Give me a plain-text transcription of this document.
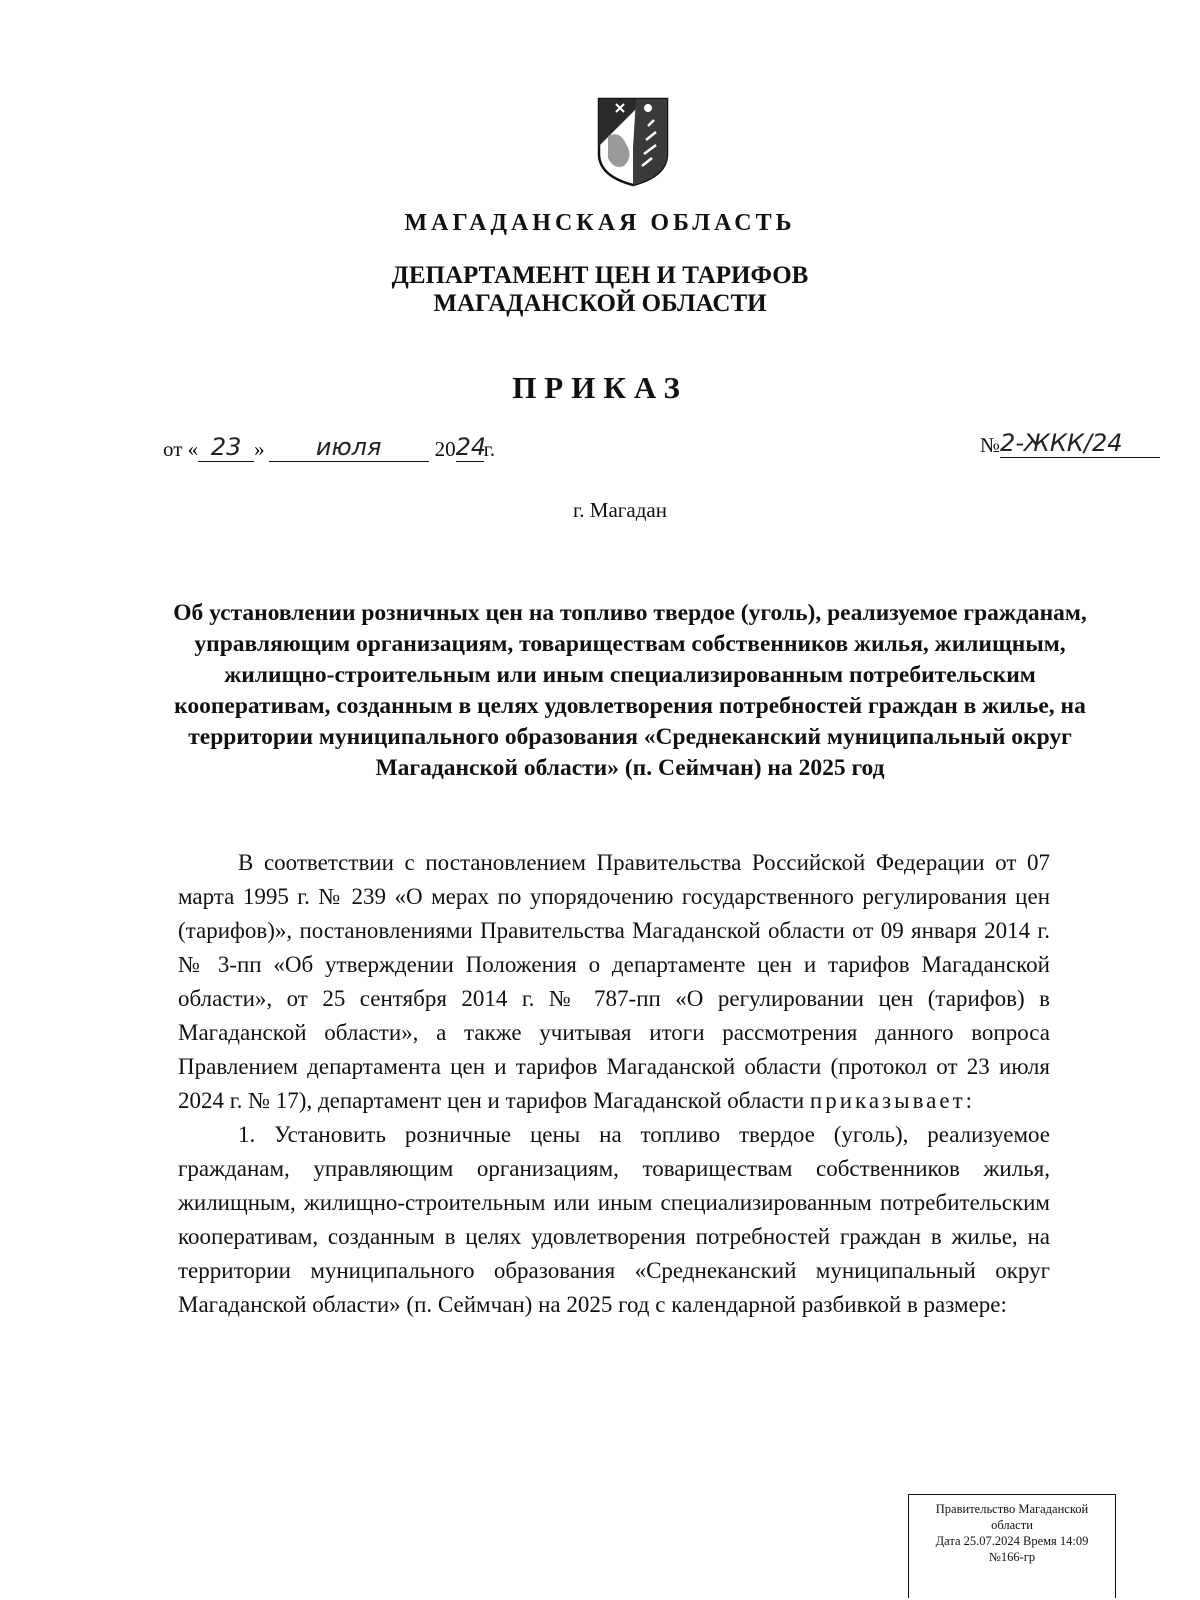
МАГАДАНСКАЯ ОБЛАСТЬ

ДЕПАРТАМЕНТ ЦЕН И ТАРИФОВ

МАГАДАНСКОЙ ОБЛАСТИ

ПРИКАЗ

от « 23 »	июля	20 24
г.	№ 2-ЖКК/24
г. Магадан
Об установлении розничных цен на топливо твердое (уголь), реализуемое гражданам, управляющим организациям, товариществам собственников жилья, жилищным, жилищно-строительным или иным специализированным потребительским кооперативам, созданным в целях удовлетворения потребностей граждан в жилье, на территории муниципального образования «Среднеканский муниципальный округ Магаданской области» (п. Сеймчан) на 2025 год

В соответствии с постановлением Правительства Российской Федерации от 07 марта 1995 г. № 239 «О мерах по упорядочению государственного регулирования цен (тарифов)», постановлениями Правительства Магаданской области от 09 января 2014 г. № 3-пп «Об утверждении Положения о департаменте цен и тарифов Магаданской области», от 25 сентября 2014 г. № 787-пп «О регулировании цен (тарифов) в Магаданской области», а также учитывая итоги рассмотрения данного вопроса Правлением департамента цен и тарифов Магаданской области (протокол от 23 июля 2024 г. № 17), департамент цен и тарифов Магаданской области приказывает:

1. Установить розничные цены на топливо твердое (уголь), реализуемое гражданам, управляющим организациям, товариществам собственников жилья, жилищным, жилищно-строительным или иным специализированным потребительским кооперативам, созданным в целях удовлетворения потребностей граждан в жилье, на территории муниципального образования «Среднеканский муниципальный округ Магаданской области» (п. Сеймчан) на 2025 год с календарной разбивкой в размере:

Правительство Магаданской
области
Дата 25.07.2024 Время 14:09
№166-гр
